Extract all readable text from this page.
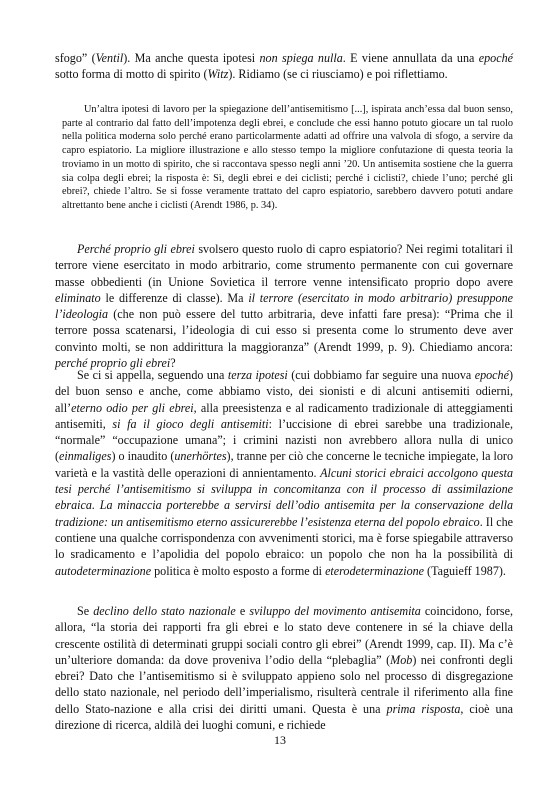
sfogo” (Ventil). Ma anche questa ipotesi non spiega nulla. E viene annullata da una epoché sotto forma di motto di spirito (Witz). Ridiamo (se ci riusciamo) e poi riflettiamo.

Un’altra ipotesi di lavoro per la spiegazione dell’antisemitismo [...], ispirata anch’essa dal buon senso, parte al contrario dal fatto dell’impotenza degli ebrei, e conclude che essi hanno potuto giocare un tal ruolo nella politica moderna solo perché erano particolarmente adatti ad offrire una valvola di sfogo, a servire da capro espiatorio. La migliore illustrazione e allo stesso tempo la migliore confutazione di questa teoria la troviamo in un motto di spirito, che si raccontava spesso negli anni ’20. Un antisemita sostiene che la guerra sia colpa degli ebrei; la risposta è: Sì, degli ebrei e dei ciclisti; perché i ciclisti?, chiede l’uno; perché gli ebrei?, chiede l’altro. Se si fosse veramente trattato del capro espiatorio, sarebbero davvero potuti andare altrettanto bene anche i ciclisti (Arendt 1986, p. 34).

Perché proprio gli ebrei svolsero questo ruolo di capro espiatorio? Nei regimi totalitari il terrore viene esercitato in modo arbitrario, come strumento permanente con cui governare masse obbedienti (in Unione Sovietica il terrore venne intensificato proprio dopo avere eliminato le differenze di classe). Ma il terrore (esercitato in modo arbitrario) presuppone l’ideologia (che non può essere del tutto arbitraria, deve infatti fare presa): “Prima che il terrore possa scatenarsi, l’ideologia di cui esso si presenta come lo strumento deve aver convinto molti, se non addirittura la maggioranza” (Arendt 1999, p. 9). Chiediamo ancora: perché proprio gli ebrei?

Se ci si appella, seguendo una terza ipotesi (cui dobbiamo far seguire una nuova epoché) del buon senso e anche, come abbiamo visto, dei sionisti e di alcuni antisemiti odierni, all’eterno odio per gli ebrei, alla preesistenza e al radicamento tradizionale di atteggiamenti antisemiti, si fa il gioco degli antisemiti: l’uccisione di ebrei sarebbe una tradizionale, “normale” “occupazione umana”; i crimini nazisti non avrebbero allora nulla di unico (einmaliges) o inaudito (unerhörtes), tranne per ciò che concerne le tecniche impiegate, la loro varietà e la vastità delle operazioni di annientamento. Alcuni storici ebraici accolgono questa tesi perché l’antisemitismo si sviluppa in concomitanza con il processo di assimilazione ebraica. La minaccia porterebbe a servirsi dell’odio antisemita per la conservazione della tradizione: un antisemitismo eterno assicurerebbe l’esistenza eterna del popolo ebraico. Il che contiene una qualche corrispondenza con avvenimenti storici, ma è forse spiegabile attraverso lo sradicamento e l’apolidia del popolo ebraico: un popolo che non ha la possibilità di autodeterminazione politica è molto esposto a forme di eterodeterminazione (Taguieff 1987).

Se declino dello stato nazionale e sviluppo del movimento antisemita coincidono, forse, allora, “la storia dei rapporti fra gli ebrei e lo stato deve contenere in sé la chiave della crescente ostilità di determinati gruppi sociali contro gli ebrei” (Arendt 1999, cap. II). Ma c’è un’ulteriore domanda: da dove proveniva l’odio della “plebaglia” (Mob) nei confronti degli ebrei? Dato che l’antisemitismo si è sviluppato appieno solo nel processo di disgregazione dello stato nazionale, nel periodo dell’imperialismo, risulterà centrale il riferimento alla fine dello Stato-nazione e alla crisi dei diritti umani. Questa è una prima risposta, cioè una direzione di ricerca, aldilà dei luoghi comuni, e richiede

13
